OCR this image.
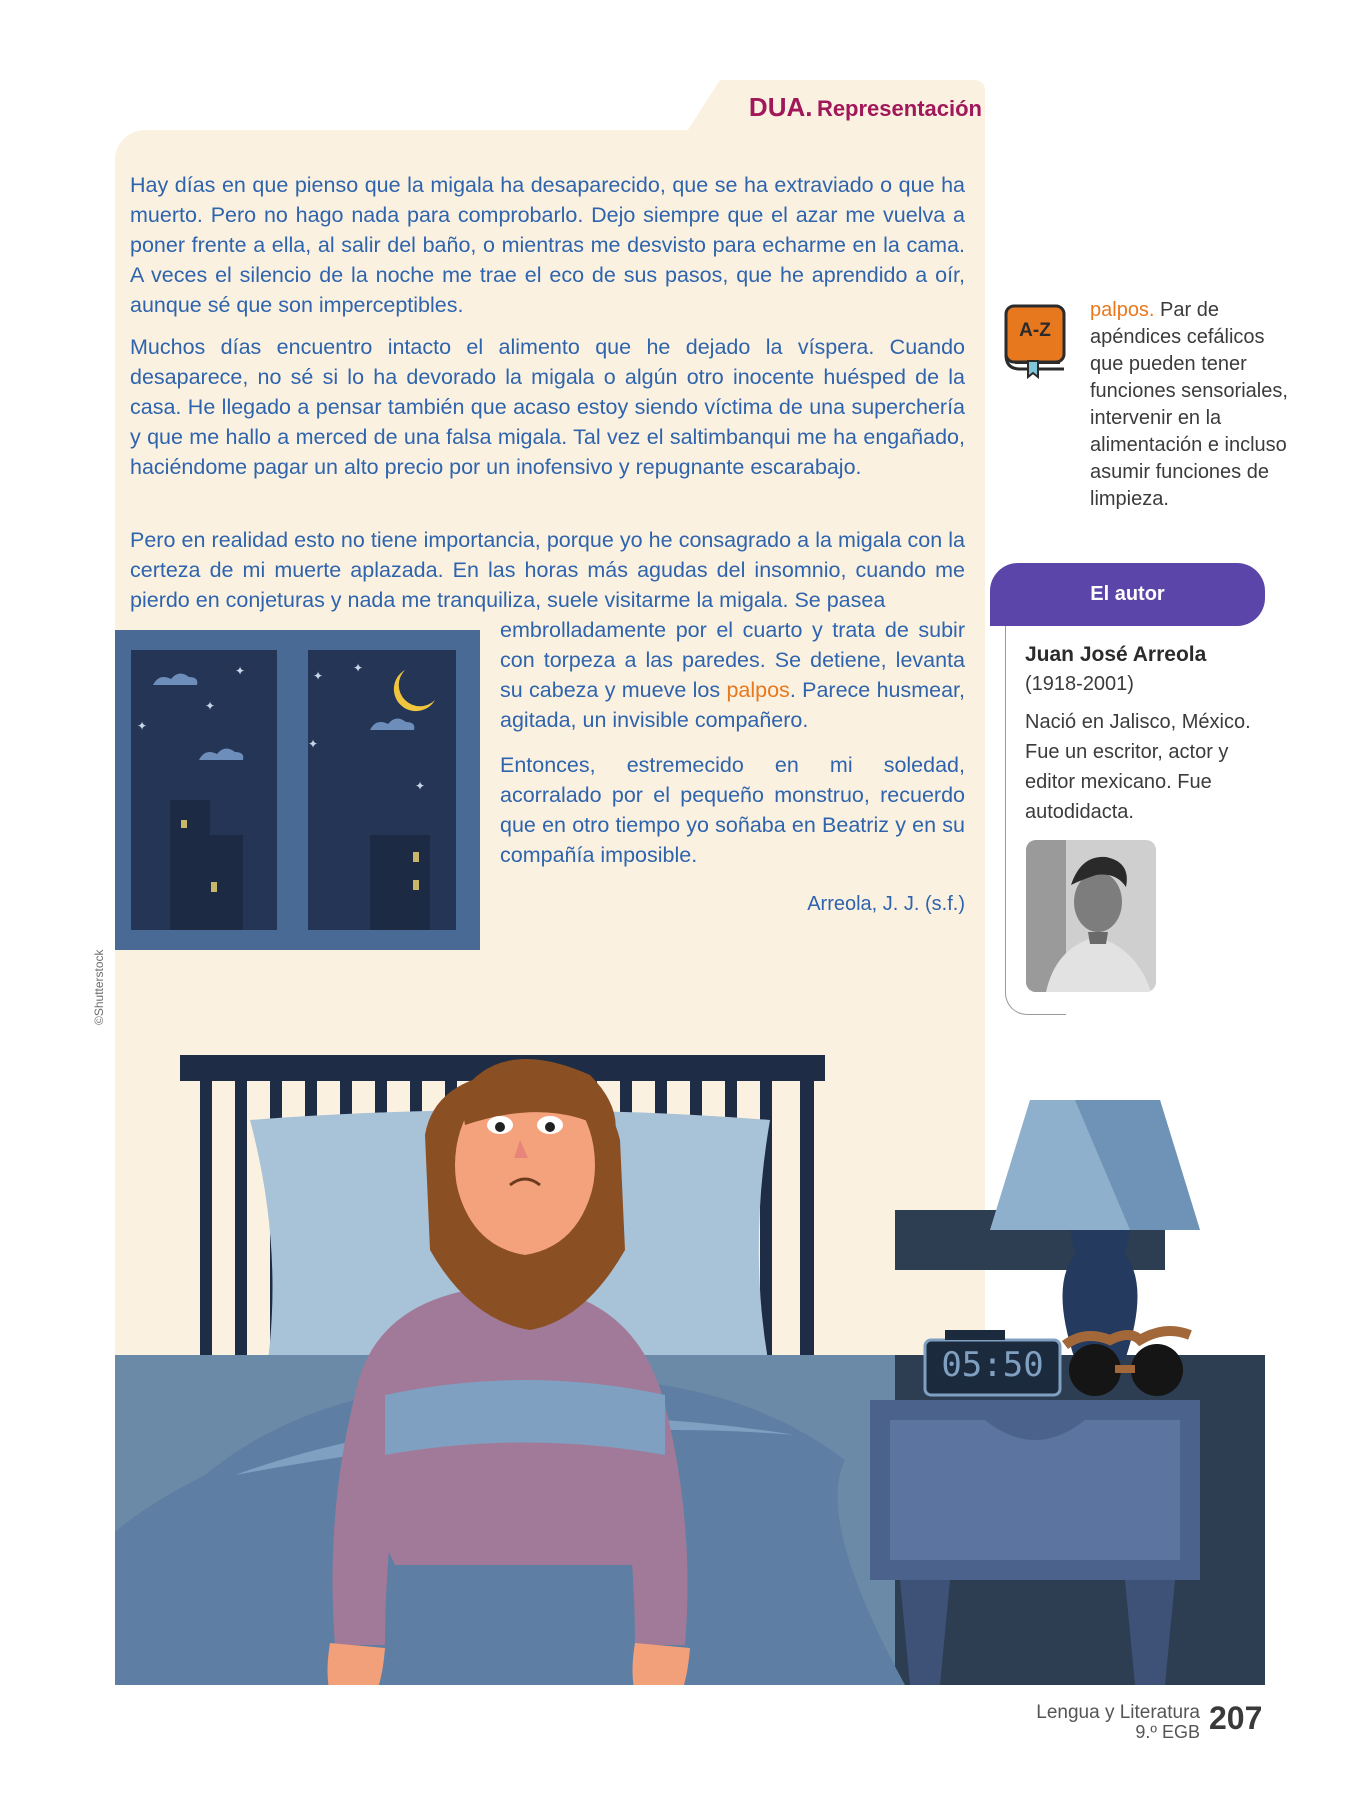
DUA. Representación

Hay días en que pienso que la migala ha desaparecido, que se ha extraviado o que ha muerto. Pero no hago nada para comprobarlo. Dejo siempre que el azar me vuelva a poner frente a ella, al salir del baño, o mientras me desvisto para echarme en la cama. A veces el silencio de la noche me trae el eco de sus pasos, que he aprendido a oír, aunque sé que son imperceptibles.

Muchos días encuentro intacto el alimento que he dejado la víspera. Cuando desaparece, no sé si lo ha devorado la migala o algún otro inocente huésped de la casa. He llegado a pensar también que acaso estoy siendo víctima de una superchería y que me hallo a merced de una falsa migala. Tal vez el saltimbanqui me ha engañado, haciéndome pagar un alto precio por un inofensivo y repugnante escarabajo.

Pero en realidad esto no tiene importancia, porque yo he consagrado a la migala con la certeza de mi muerte aplazada. En las horas más agudas del insomnio, cuando me pierdo en conjeturas y nada me tranquiliza, suele visitarme la migala. Se pasea

embrolladamente por el cuarto y trata de subir con torpeza a las paredes. Se detiene, levanta su cabeza y mueve los palpos. Parece husmear, agitada, un invisible compañero.

Entonces, estremecido en mi soledad, acorralado por el pequeño monstruo, recuerdo que en otro tiempo yo soñaba en Beatriz y en su compañía imposible.

Arreola, J. J. (s.f.)
✦
✦
✦
✦
✦
✦
✦
05:50
©Shutterstock
A-Z
palpos. Par de apéndices cefálicos que pueden tener funciones sensoriales, intervenir en la alimentación e incluso asumir funciones de limpieza.
El autor
Juan José Arreola
(1918-2001)
Nació en Jalisco, México. Fue un escritor, actor y editor mexicano. Fue autodidacta.
Lengua y Literatura
9.º EGB 207
